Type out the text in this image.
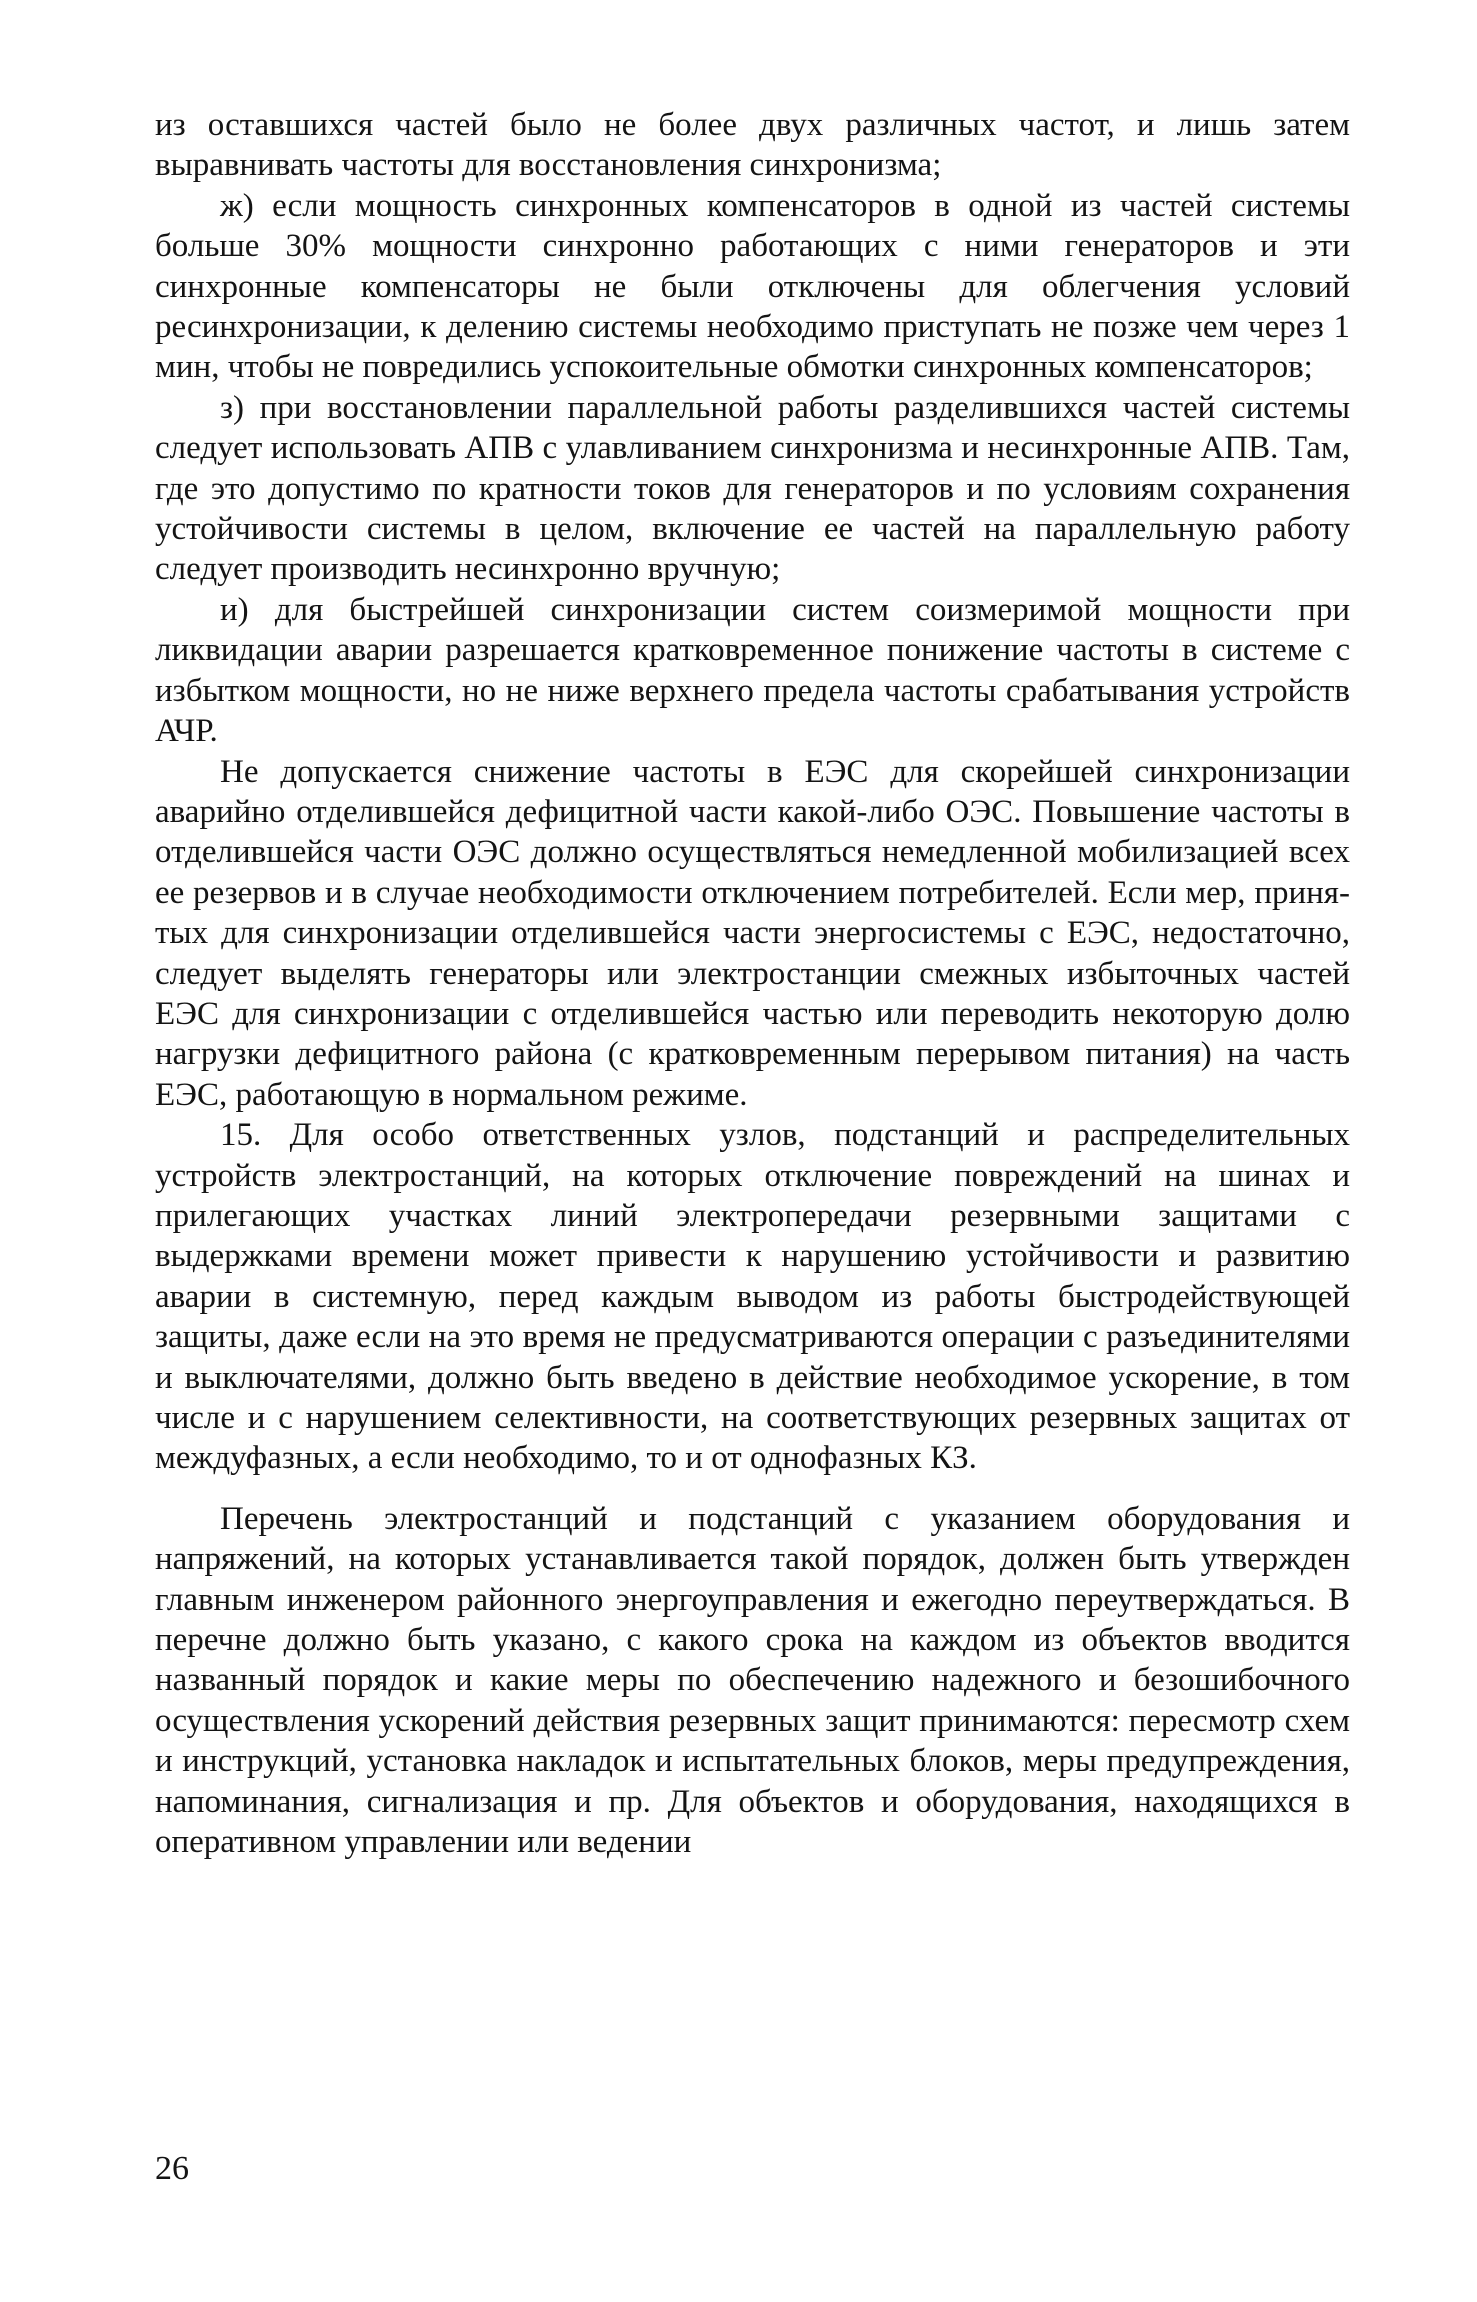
из оставшихся частей было не более двух различных частот, и лишь затем выравнивать частоты для восстановления синхронизма;

ж) если мощность синхронных компенсаторов в одной из частей системы больше 30% мощности синхронно работающих с ними генераторов и эти синхронные компенсаторы не были отключены для облегчения условий ресинхронизации, к делению системы необходимо приступать не позже чем через 1 мин, чтобы не повредились успокоительные обмотки синхронных компенсаторов;

з) при восстановлении параллельной работы разделившихся частей системы следует использовать АПВ с улавливанием синхронизма и несинхронные АПВ. Там, где это допустимо по кратности токов для генераторов и по условиям сохранения устойчивости системы в целом, включение ее частей на параллельную работу следует производить несинхронно вручную;

и) для быстрейшей синхронизации систем соизмеримой мощности при ликвидации аварии разрешается кратковременное понижение частоты в системе с избытком мощности, но не ниже верхнего предела частоты срабатывания устройств АЧР.

Не допускается снижение частоты в ЕЭС для скорейшей синхронизации аварийно отделившейся дефицитной части какой-либо ОЭС. Повышение частоты в отделившейся части ОЭС должно осуществляться немедленной мобилизацией всех ее резервов и в случае необходимости отключением потребителей. Если мер, принятых для синхронизации отделившейся части энергосистемы с ЕЭС, недостаточно, следует выделять генераторы или электростанции смежных избыточных частей ЕЭС для синхронизации с отделившейся частью или переводить некоторую долю нагрузки дефицитного района (с кратковременным перерывом питания) на часть ЕЭС, работающую в нормальном режиме.

15. Для особо ответственных узлов, подстанций и распределительных устройств электростанций, на которых отключение повреждений на шинах и прилегающих участках линий электропередачи резервными защитами с выдержками времени может привести к нарушению устойчивости и развитию аварии в системную, перед каждым выводом из работы быстродействующей защиты, даже если на это время не предусматриваются операции с разъединителями и выключателями, должно быть введено в действие необходимое ускорение, в том числе и с нарушением селективности, на соответствующих резервных защитах от междуфазных, а если необходимо, то и от однофазных КЗ.

Перечень электростанций и подстанций с указанием оборудования и напряжений, на которых устанавливается такой порядок, должен быть утвержден главным инженером районного энергоуправления и ежегодно переутверждаться. В перечне должно быть указано, с какого срока на каждом из объектов вводится названный порядок и какие меры по обеспечению надежного и безошибочного осуществления ускорений действия резервных защит принимаются: пересмотр схем и инструкций, установка накладок и испытательных блоков, меры предупреждения, напоминания, сигнализация и пр. Для объектов и оборудования, находящихся в оперативном управлении или ведении

26
